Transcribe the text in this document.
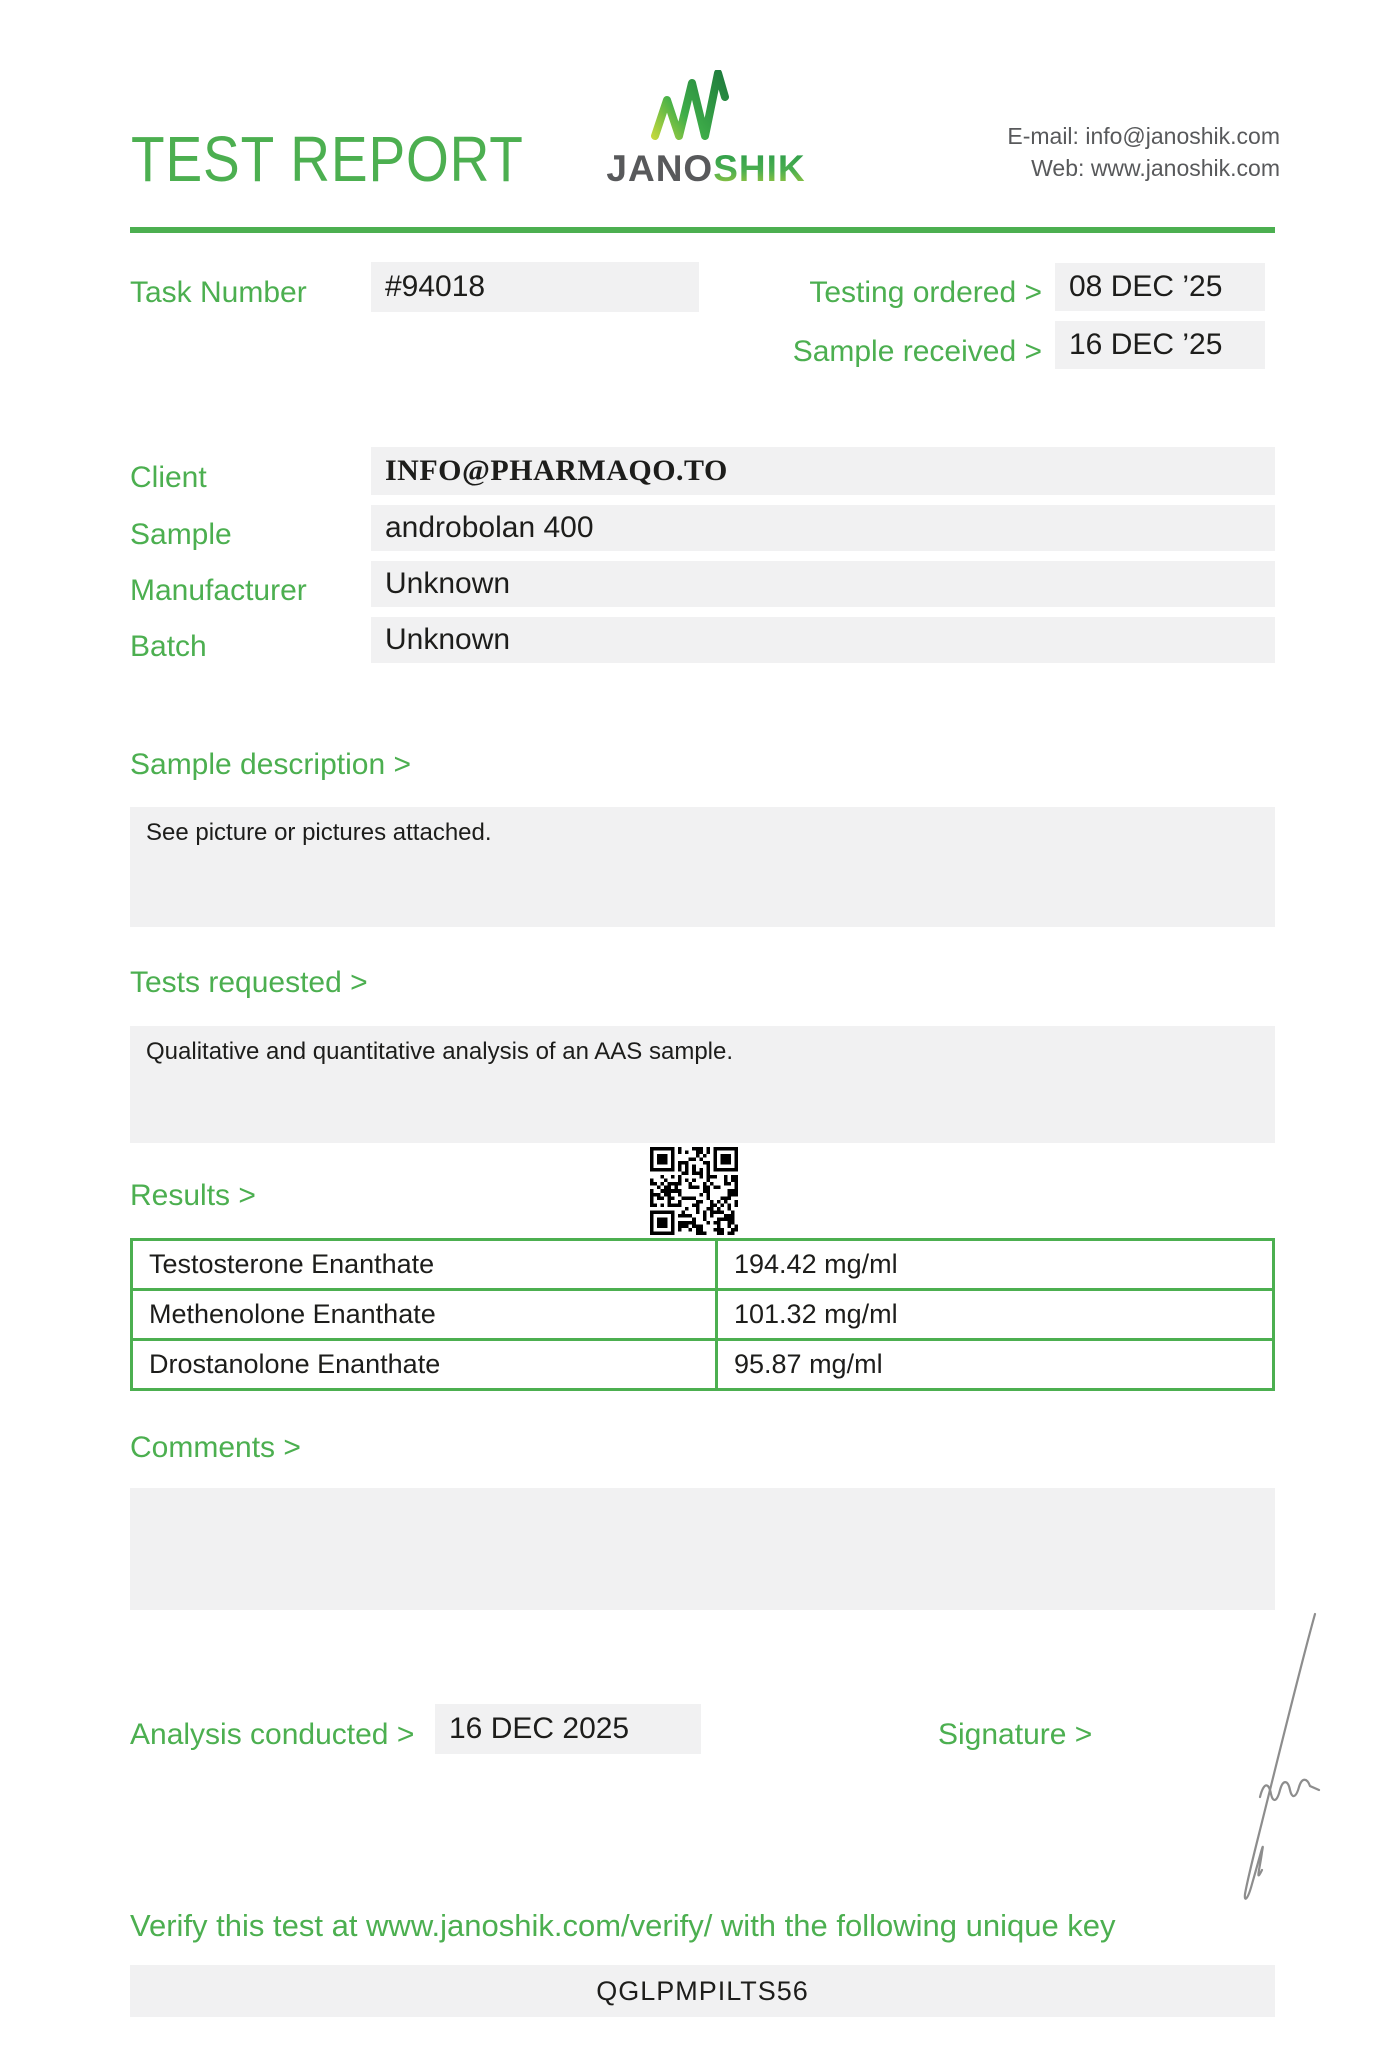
TEST REPORT JANOSHIK
E-mail: info@janoshik.com
Web: www.janoshik.com
Task Number	#94018	Testing ordered > 08 DEC ’25
Sample received > 16 DEC ’25
Client	INFO@PHARMAQO.TO
Sample	androbolan 400
Manufacturer	Unknown
Batch	Unknown
Sample description >
See picture or pictures attached.
Tests requested >
Qualitative and quantitative analysis of an AAS sample.
Results >
Testosterone Enanthate	194.42 mg/ml
Methenolone Enanthate	101.32 mg/ml
Drostanolone Enanthate	95.87 mg/ml
Comments >
Analysis conducted >	16 DEC 2025	Signature >
Verify this test at www.janoshik.com/verify/ with the following unique key
QGLPMPILTS56
